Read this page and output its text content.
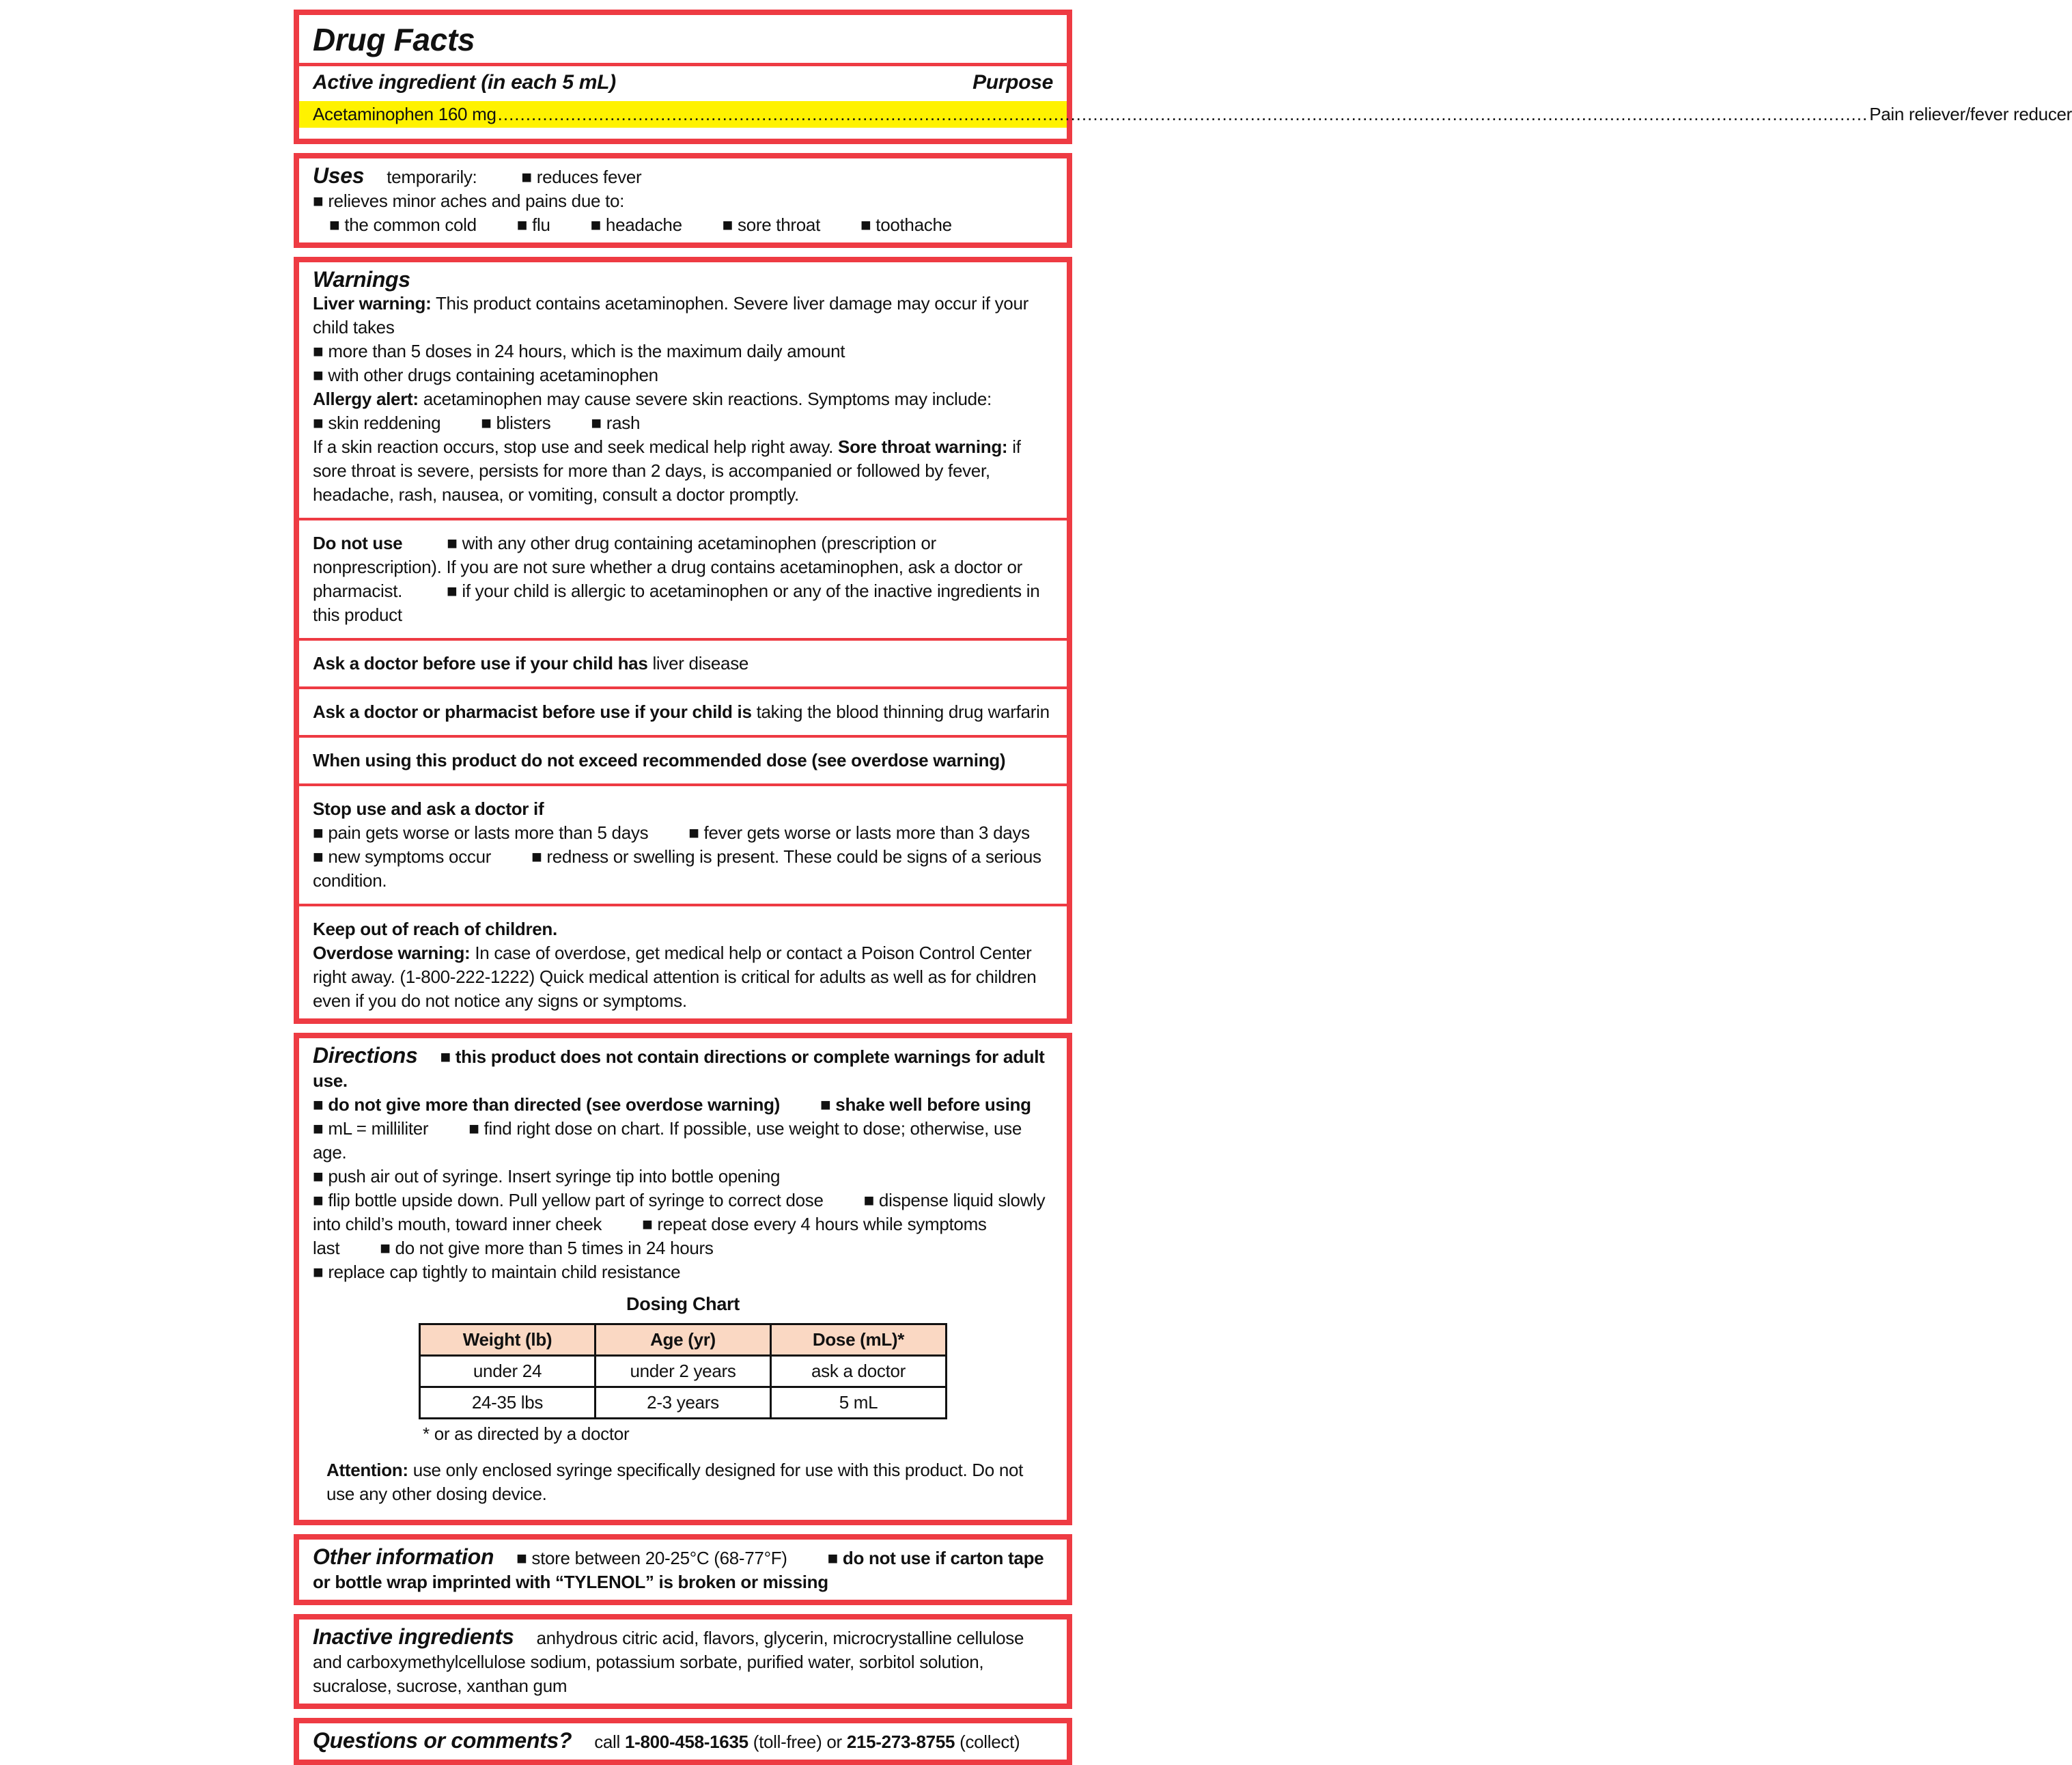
Drug Facts
Active ingredient (in each 5 mL)	Purpose
Acetaminophen 160 mg .....	Pain reliever/fever reducer

Uses temporarily: ■ reduces fever

■ relieves minor aches and pains due to:

■ the common cold ■ flu ■ headache ■ sore throat ■ toothache

Warnings

Liver warning: This product contains acetaminophen. Severe liver damage may occur if your child takes

■ more than 5 doses in 24 hours, which is the maximum daily amount

■ with other drugs containing acetaminophen

Allergy alert: acetaminophen may cause severe skin reactions. Symptoms may include:

■ skin reddening ■ blisters ■ rash

If a skin reaction occurs, stop use and seek medical help right away. Sore throat warning: if sore throat is severe, persists for more than 2 days, is accompanied or followed by fever, headache, rash, nausea, or vomiting, consult a doctor promptly.

Do not use ■ with any other drug containing acetaminophen (prescription or nonprescription). If you are not sure whether a drug contains acetaminophen, ask a doctor or pharmacist. ■ if your child is allergic to acetaminophen or any of the inactive ingredients in this product

Ask a doctor before use if your child has liver disease

Ask a doctor or pharmacist before use if your child is taking the blood thinning drug warfarin

When using this product do not exceed recommended dose (see overdose warning)

Stop use and ask a doctor if

■ pain gets worse or lasts more than 5 days ■ fever gets worse or lasts more than 3 days

■ new symptoms occur ■ redness or swelling is present. These could be signs of a serious condition.

Keep out of reach of children.

Overdose warning: In case of overdose, get medical help or contact a Poison Control Center right away. (1-800-222-1222) Quick medical attention is critical for adults as well as for children even if you do not notice any signs or symptoms.

Directions ■ this product does not contain directions or complete warnings for adult use.

■ do not give more than directed (see overdose warning) ■ shake well before using

■ mL = milliliter ■ find right dose on chart. If possible, use weight to dose; otherwise, use age.

■ push air out of syringe. Insert syringe tip into bottle opening

■ flip bottle upside down. Pull yellow part of syringe to correct dose ■ dispense liquid slowly into child’s mouth, toward inner cheek ■ repeat dose every 4 hours while symptoms last ■ do not give more than 5 times in 24 hours

■ replace cap tightly to maintain child resistance

Dosing Chart

Weight (lb)	Age (yr)	Dose (mL)*
under 24	under 2 years	ask a doctor
24-35 lbs	2-3 years	5 mL

* or as directed by a doctor

Attention: use only enclosed syringe specifically designed for use with this product. Do not use any other dosing device.

Other information ■ store between 20-25°C (68-77°F) ■ do not use if carton tape or bottle wrap imprinted with “TYLENOL” is broken or missing

Inactive ingredients anhydrous citric acid, flavors, glycerin, microcrystalline cellulose and carboxymethylcellulose sodium, potassium sorbate, purified water, sorbitol solution, sucralose, sucrose, xanthan gum

Questions or comments? call 1-800-458-1635 (toll-free) or 215-273-8755 (collect)
